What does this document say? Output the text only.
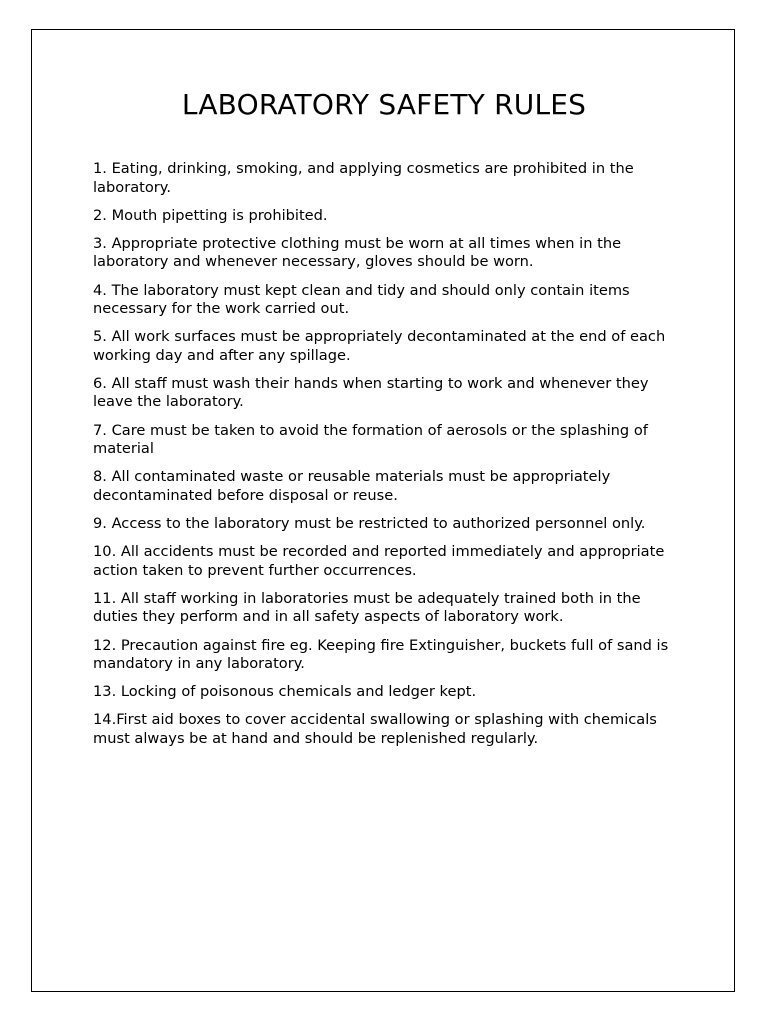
LABORATORY SAFETY RULES
1. Eating, drinking, smoking, and applying cosmetics are prohibited in the laboratory.
2. Mouth pipetting is prohibited.
3. Appropriate protective clothing must be worn at all times when in the laboratory and whenever necessary, gloves should be worn.
4. The laboratory must kept clean and tidy and should only contain items necessary for the work carried out.
5. All work surfaces must be appropriately decontaminated at the end of each working day and after any spillage.
6. All staff must wash their hands when starting to work and whenever they leave the laboratory.
7. Care must be taken to avoid the formation of aerosols or the splashing of material
8. All contaminated waste or reusable materials must be appropriately decontaminated before disposal or reuse.
9. Access to the laboratory must be restricted to authorized personnel only.
10. All accidents must be recorded and reported immediately and appropriate action taken to prevent further occurrences.
11. All staff working in laboratories must be adequately trained both in the duties they perform and in all safety aspects of laboratory work.
12. Precaution against fire eg. Keeping fire Extinguisher, buckets full of sand is mandatory in any laboratory.
13. Locking of poisonous chemicals and ledger kept.
14.First aid boxes to cover accidental swallowing or splashing with chemicals must always be at hand and should be replenished regularly.
